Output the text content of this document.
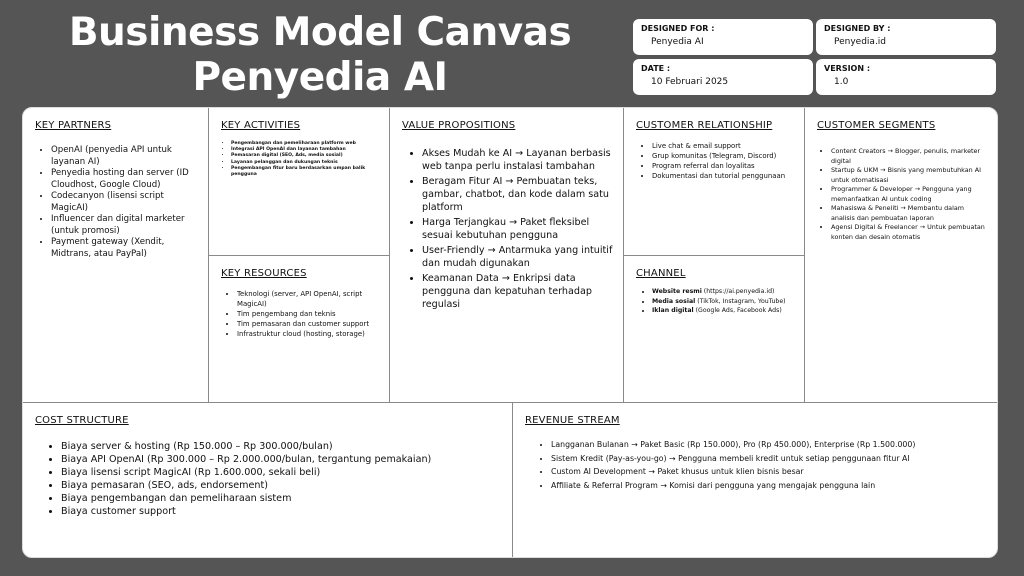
Business Model Canvas
Penyedia AI
DESIGNED FOR :
Penyedia AI
DESIGNED BY :
Penyedia.id
DATE :
10 Februari 2025
VERSION :
1.0
KEY PARTNERS
• OpenAI (penyedia API untuk layanan AI)
• Penyedia hosting dan server (ID Cloudhost, Google Cloud)
• Codecanyon (lisensi script MagicAI)
• Influencer dan digital marketer (untuk promosi)
• Payment gateway (Xendit, Midtrans, atau PayPal)
KEY ACTIVITIES
• Pengembangan dan pemeliharaan platform web
• Integrasi API OpenAI dan layanan tambahan
• Pemasaran digital (SEO, Ads, media sosial)
• Layanan pelanggan dan dukungan teknis
• Pengembangan fitur baru berdasarkan umpan balik pengguna
KEY RESOURCES
• Teknologi (server, API OpenAI, script MagicAI)
• Tim pengembang dan teknis
• Tim pemasaran dan customer support
• Infrastruktur cloud (hosting, storage)
VALUE PROPOSITIONS
• Akses Mudah ke AI → Layanan berbasis web tanpa perlu instalasi tambahan
• Beragam Fitur AI → Pembuatan teks, gambar, chatbot, dan kode dalam satu platform
• Harga Terjangkau → Paket fleksibel sesuai kebutuhan pengguna
• User-Friendly → Antarmuka yang intuitif dan mudah digunakan
• Keamanan Data → Enkripsi data pengguna dan kepatuhan terhadap regulasi
CUSTOMER RELATIONSHIP
• Live chat & email support
• Grup komunitas (Telegram, Discord)
• Program referral dan loyalitas
• Dokumentasi dan tutorial penggunaan
CHANNEL
• Website resmi (https://ai.penyedia.id)
• Media sosial (TikTok, Instagram, YouTube)
• Iklan digital (Google Ads, Facebook Ads)
CUSTOMER SEGMENTS
• Content Creators → Blogger, penulis, marketer digital
• Startup & UKM → Bisnis yang membutuhkan AI untuk otomatisasi
• Programmer & Developer → Pengguna yang memanfaatkan AI untuk coding
• Mahasiswa & Peneliti → Membantu dalam analisis dan pembuatan laporan
• Agensi Digital & Freelancer → Untuk pembuatan konten dan desain otomatis
COST STRUCTURE
• Biaya server & hosting (Rp 150.000 – Rp 300.000/bulan)
• Biaya API OpenAI (Rp 300.000 – Rp 2.000.000/bulan, tergantung pemakaian)
• Biaya lisensi script MagicAI (Rp 1.600.000, sekali beli)
• Biaya pemasaran (SEO, ads, endorsement)
• Biaya pengembangan dan pemeliharaan sistem
• Biaya customer support
REVENUE STREAM
• Langganan Bulanan → Paket Basic (Rp 150.000), Pro (Rp 450.000), Enterprise (Rp 1.500.000)
• Sistem Kredit (Pay-as-you-go) → Pengguna membeli kredit untuk setiap penggunaan fitur AI
• Custom AI Development → Paket khusus untuk klien bisnis besar
• Affiliate & Referral Program → Komisi dari pengguna yang mengajak pengguna lain
